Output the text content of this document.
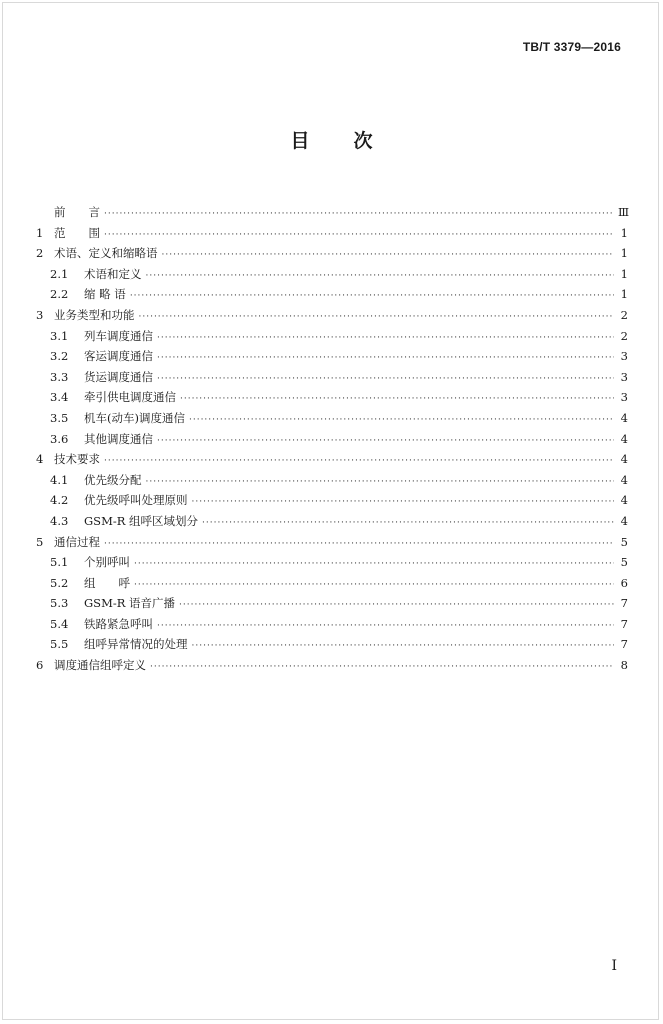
TB/T 3379—2016
目 次
前　　言 ·····	Ⅲ
1 范　　围 ·····	1
2 术语、定义和缩略语 ·····	1
2.1	术语和定义 ·····	1
2.2	缩 略 语 ·····	1
3 业务类型和功能 ·····	2
3.1	列车调度通信 ·····	2
3.2	客运调度通信 ·····	3
3.3	货运调度通信 ·····	3
3.4	牵引供电调度通信 ·····	3
3.5	机车(动车)调度通信 ·····	4
3.6	其他调度通信 ·····	4
4 技术要求 ·····	4
4.1	优先级分配 ·····	4
4.2	优先级呼叫处理原则 ·····	4
4.3	GSM-R 组呼区域划分 ·····	4
5 通信过程 ·····	5
5.1	个别呼叫 ·····	5
5.2	组　　呼 ·····	6
5.3	GSM-R 语音广播 ·····	7
5.4	铁路紧急呼叫 ·····	7
5.5	组呼异常情况的处理 ·····	7
6 调度通信组呼定义 ·····	8
I
